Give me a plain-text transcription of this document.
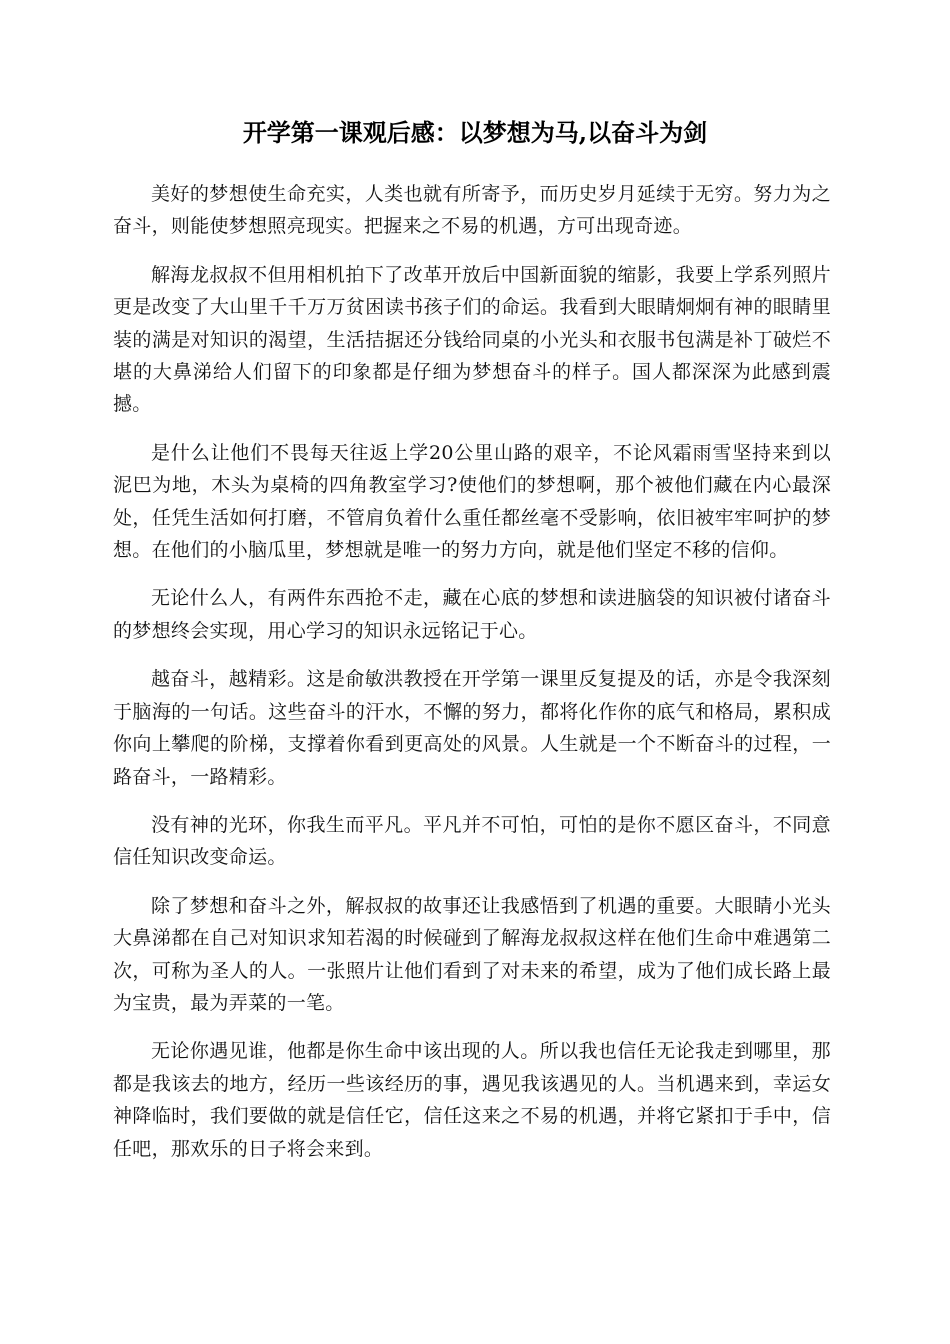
开学第一课观后感：以梦想为马,以奋斗为剑

美好的梦想使生命充实，人类也就有所寄予，而历史岁月延续于无穷。努力为之奋斗，则能使梦想照亮现实。把握来之不易的机遇，方可出现奇迹。

解海龙叔叔不但用相机拍下了改革开放后中国新面貌的缩影，我要上学系列照片更是改变了大山里千千万万贫困读书孩子们的命运。我看到大眼睛炯炯有神的眼睛里装的满是对知识的渴望，生活拮据还分钱给同桌的小光头和衣服书包满是补丁破烂不堪的大鼻涕给人们留下的印象都是仔细为梦想奋斗的样子。国人都深深为此感到震撼。

是什么让他们不畏每天往返上学20公里山路的艰辛，不论风霜雨雪坚持来到以泥巴为地，木头为桌椅的四角教室学习?使他们的梦想啊，那个被他们藏在内心最深处，任凭生活如何打磨，不管肩负着什么重任都丝毫不受影响，依旧被牢牢呵护的梦想。在他们的小脑瓜里，梦想就是唯一的努力方向，就是他们坚定不移的信仰。

无论什么人，有两件东西抢不走，藏在心底的梦想和读进脑袋的知识被付诸奋斗的梦想终会实现，用心学习的知识永远铭记于心。

越奋斗，越精彩。这是俞敏洪教授在开学第一课里反复提及的话，亦是令我深刻于脑海的一句话。这些奋斗的汗水，不懈的努力，都将化作你的底气和格局，累积成你向上攀爬的阶梯，支撑着你看到更高处的风景。人生就是一个不断奋斗的过程，一路奋斗，一路精彩。

没有神的光环，你我生而平凡。平凡并不可怕，可怕的是你不愿区奋斗，不同意信任知识改变命运。

除了梦想和奋斗之外，解叔叔的故事还让我感悟到了机遇的重要。大眼睛小光头大鼻涕都在自己对知识求知若渴的时候碰到了解海龙叔叔这样在他们生命中难遇第二次，可称为圣人的人。一张照片让他们看到了对未来的希望，成为了他们成长路上最为宝贵，最为弄菜的一笔。

无论你遇见谁，他都是你生命中该出现的人。所以我也信任无论我走到哪里，那都是我该去的地方，经历一些该经历的事，遇见我该遇见的人。当机遇来到，幸运女神降临时，我们要做的就是信任它，信任这来之不易的机遇，并将它紧扣于手中，信任吧，那欢乐的日子将会来到。
